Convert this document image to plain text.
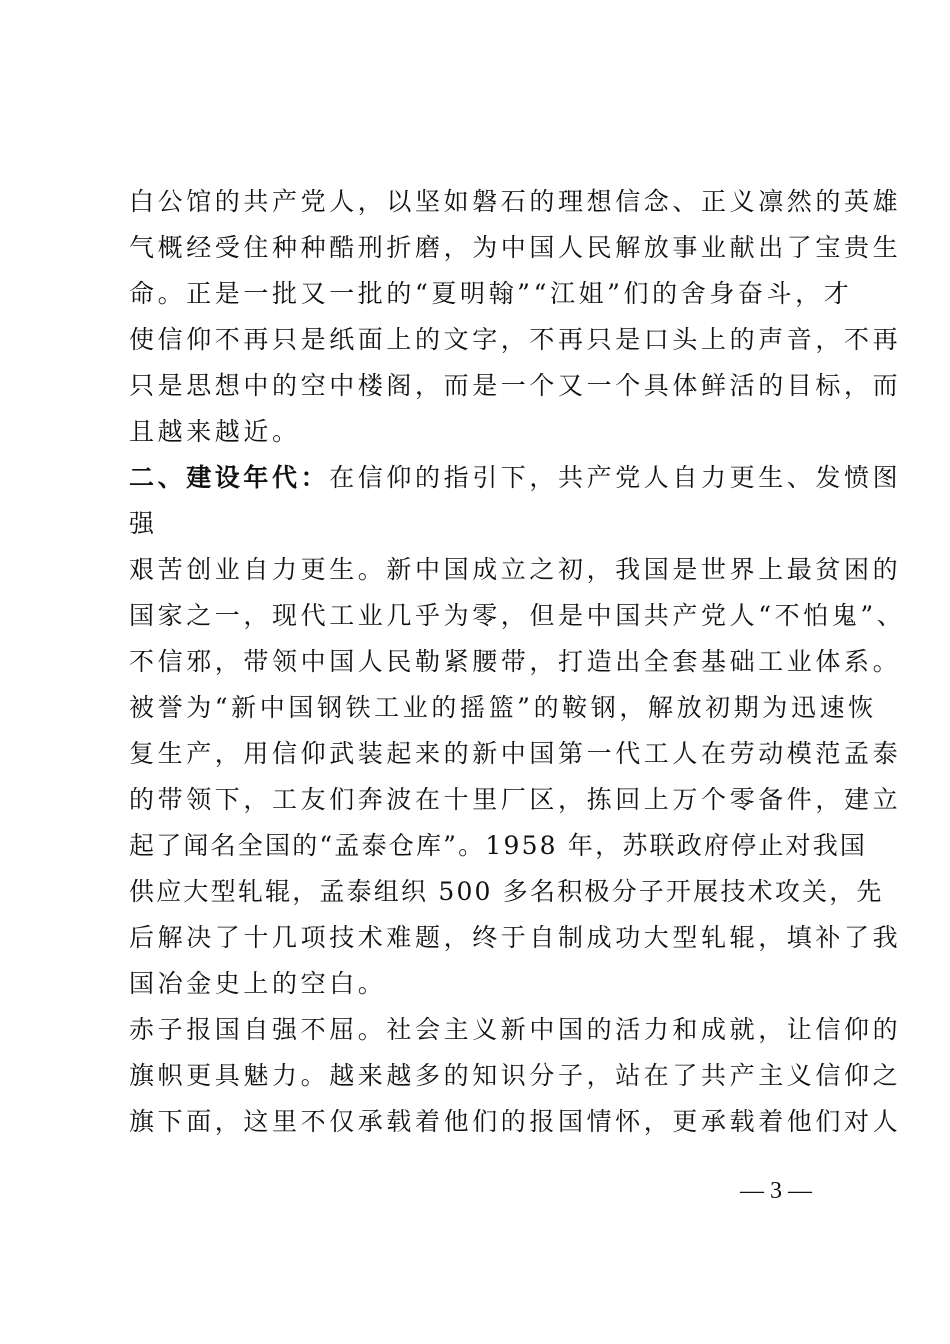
白公馆的共产党人，以坚如磐石的理想信念、正义凛然的英雄
气概经受住种种酷刑折磨，为中国人民解放事业献出了宝贵生
命。正是一批又一批的“夏明翰”“江姐”们的舍身奋斗，才
使信仰不再只是纸面上的文字，不再只是口头上的声音，不再
只是思想中的空中楼阁，而是一个又一个具体鲜活的目标，而
且越来越近。
二、建设年代：在信仰的指引下，共产党人自力更生、发愤图
强
艰苦创业自力更生。新中国成立之初，我国是世界上最贫困的
国家之一，现代工业几乎为零，但是中国共产党人“不怕鬼”、
不信邪，带领中国人民勒紧腰带，打造出全套基础工业体系。
被誉为“新中国钢铁工业的摇篮”的鞍钢，解放初期为迅速恢
复生产，用信仰武装起来的新中国第一代工人在劳动模范孟泰
的带领下，工友们奔波在十里厂区，拣回上万个零备件，建立
起了闻名全国的“孟泰仓库”。1958 年，苏联政府停止对我国
供应大型轧辊，孟泰组织 500 多名积极分子开展技术攻关，先
后解决了十几项技术难题，终于自制成功大型轧辊，填补了我
国冶金史上的空白。
赤子报国自强不屈。社会主义新中国的活力和成就，让信仰的
旗帜更具魅力。越来越多的知识分子，站在了共产主义信仰之
旗下面，这里不仅承载着他们的报国情怀，更承载着他们对人
— 3 —
